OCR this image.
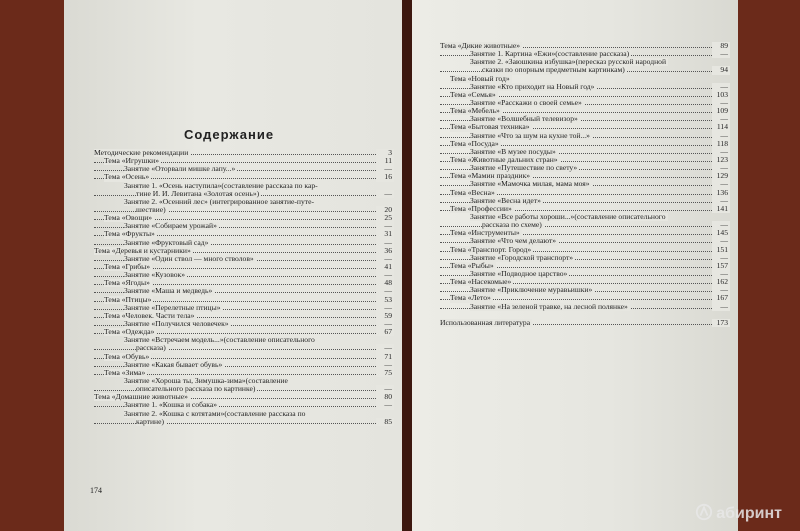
Содержание
Методические рекомендации	3
Тема «Игрушки»	11
Занятие «Оторвали мишке лапу...»	—
Тема «Осень»	16
Занятие 1. «Осень наступила»(составление рассказа по кар-
тине И. И. Левитана «Золотая осень»)	—
Занятие 2. «Осенний лес» (интегрированное занятие-путе-
шествие)	20
Тема «Овощи»	25
Занятие «Собираем урожай»	—
Тема «Фрукты»	31
Занятие «Фруктовый сад»	—
Тема «Деревья и кустарники»	36
Занятие «Один ствол — много стволов»	—
Тема «Грибы»	41
Занятие «Кузовок»	—
Тема «Ягоды»	48
Занятие «Маша и медведь»	—
Тема «Птицы»	53
Занятие «Перелетные птицы»	—
Тема «Человек. Части тела»	59
Занятие «Получился человечек»	—
Тема «Одежда»	67
Занятие «Встречаем модель...»(составление описательного
рассказа)	—
Тема «Обувь»	71
Занятие «Какая бывает обувь»	—
Тема «Зима»	75
Занятие «Хороша ты, Зимушка-зима»(составление
описательного рассказа по картинке)	—
Тема «Домашние животные»	80
Занятие 1. «Кошка и собака»	—
Занятие 2. «Кошка с котятами»(составление рассказа по
картине)	85
174
Тема «Дикие животные»	89
Занятие 1. Картина «Ежи»(составление рассказа)	—
Занятие 2. «Заюшкина избушка»(пересказ русской народной
сказки по опорным предметным картинкам)	94
Тема «Новый год»
Занятие «Кто приходит на Новый год»	—
Тема «Семья»	103
Занятие «Расскажи о своей семье»	—
Тема «Мебель»	109
Занятие «Волшебный телевизор»	—
Тема «Бытовая техника»	114
Занятие «Что за шум на кухне той...»	—
Тема «Посуда»	118
Занятие «В музее посуды»	—
Тема «Животные дальних стран»	123
Занятие «Путешествие по свету»	—
Тема «Мамин праздник»	129
Занятие «Мамочка милая, мама моя»	—
Тема «Весна»	136
Занятие «Весна идет»	—
Тема «Профессии»	141
Занятие «Все работы хороши...»(составление описательного
рассказа по схеме)	—
Тема «Инструменты»	145
Занятие «Что чем делают»	—
Тема «Транспорт. Город»	151
Занятие «Городской транспорт»	—
Тема «Рыбы»	157
Занятие «Подводное царство»	—
Тема «Насекомые»	162
Занятие «Приключение муравьишки»	—
Тема «Лето»	167
Занятие «На зеленой травке, на лесной полянке»	—
Использованная литература	173
абиринт
